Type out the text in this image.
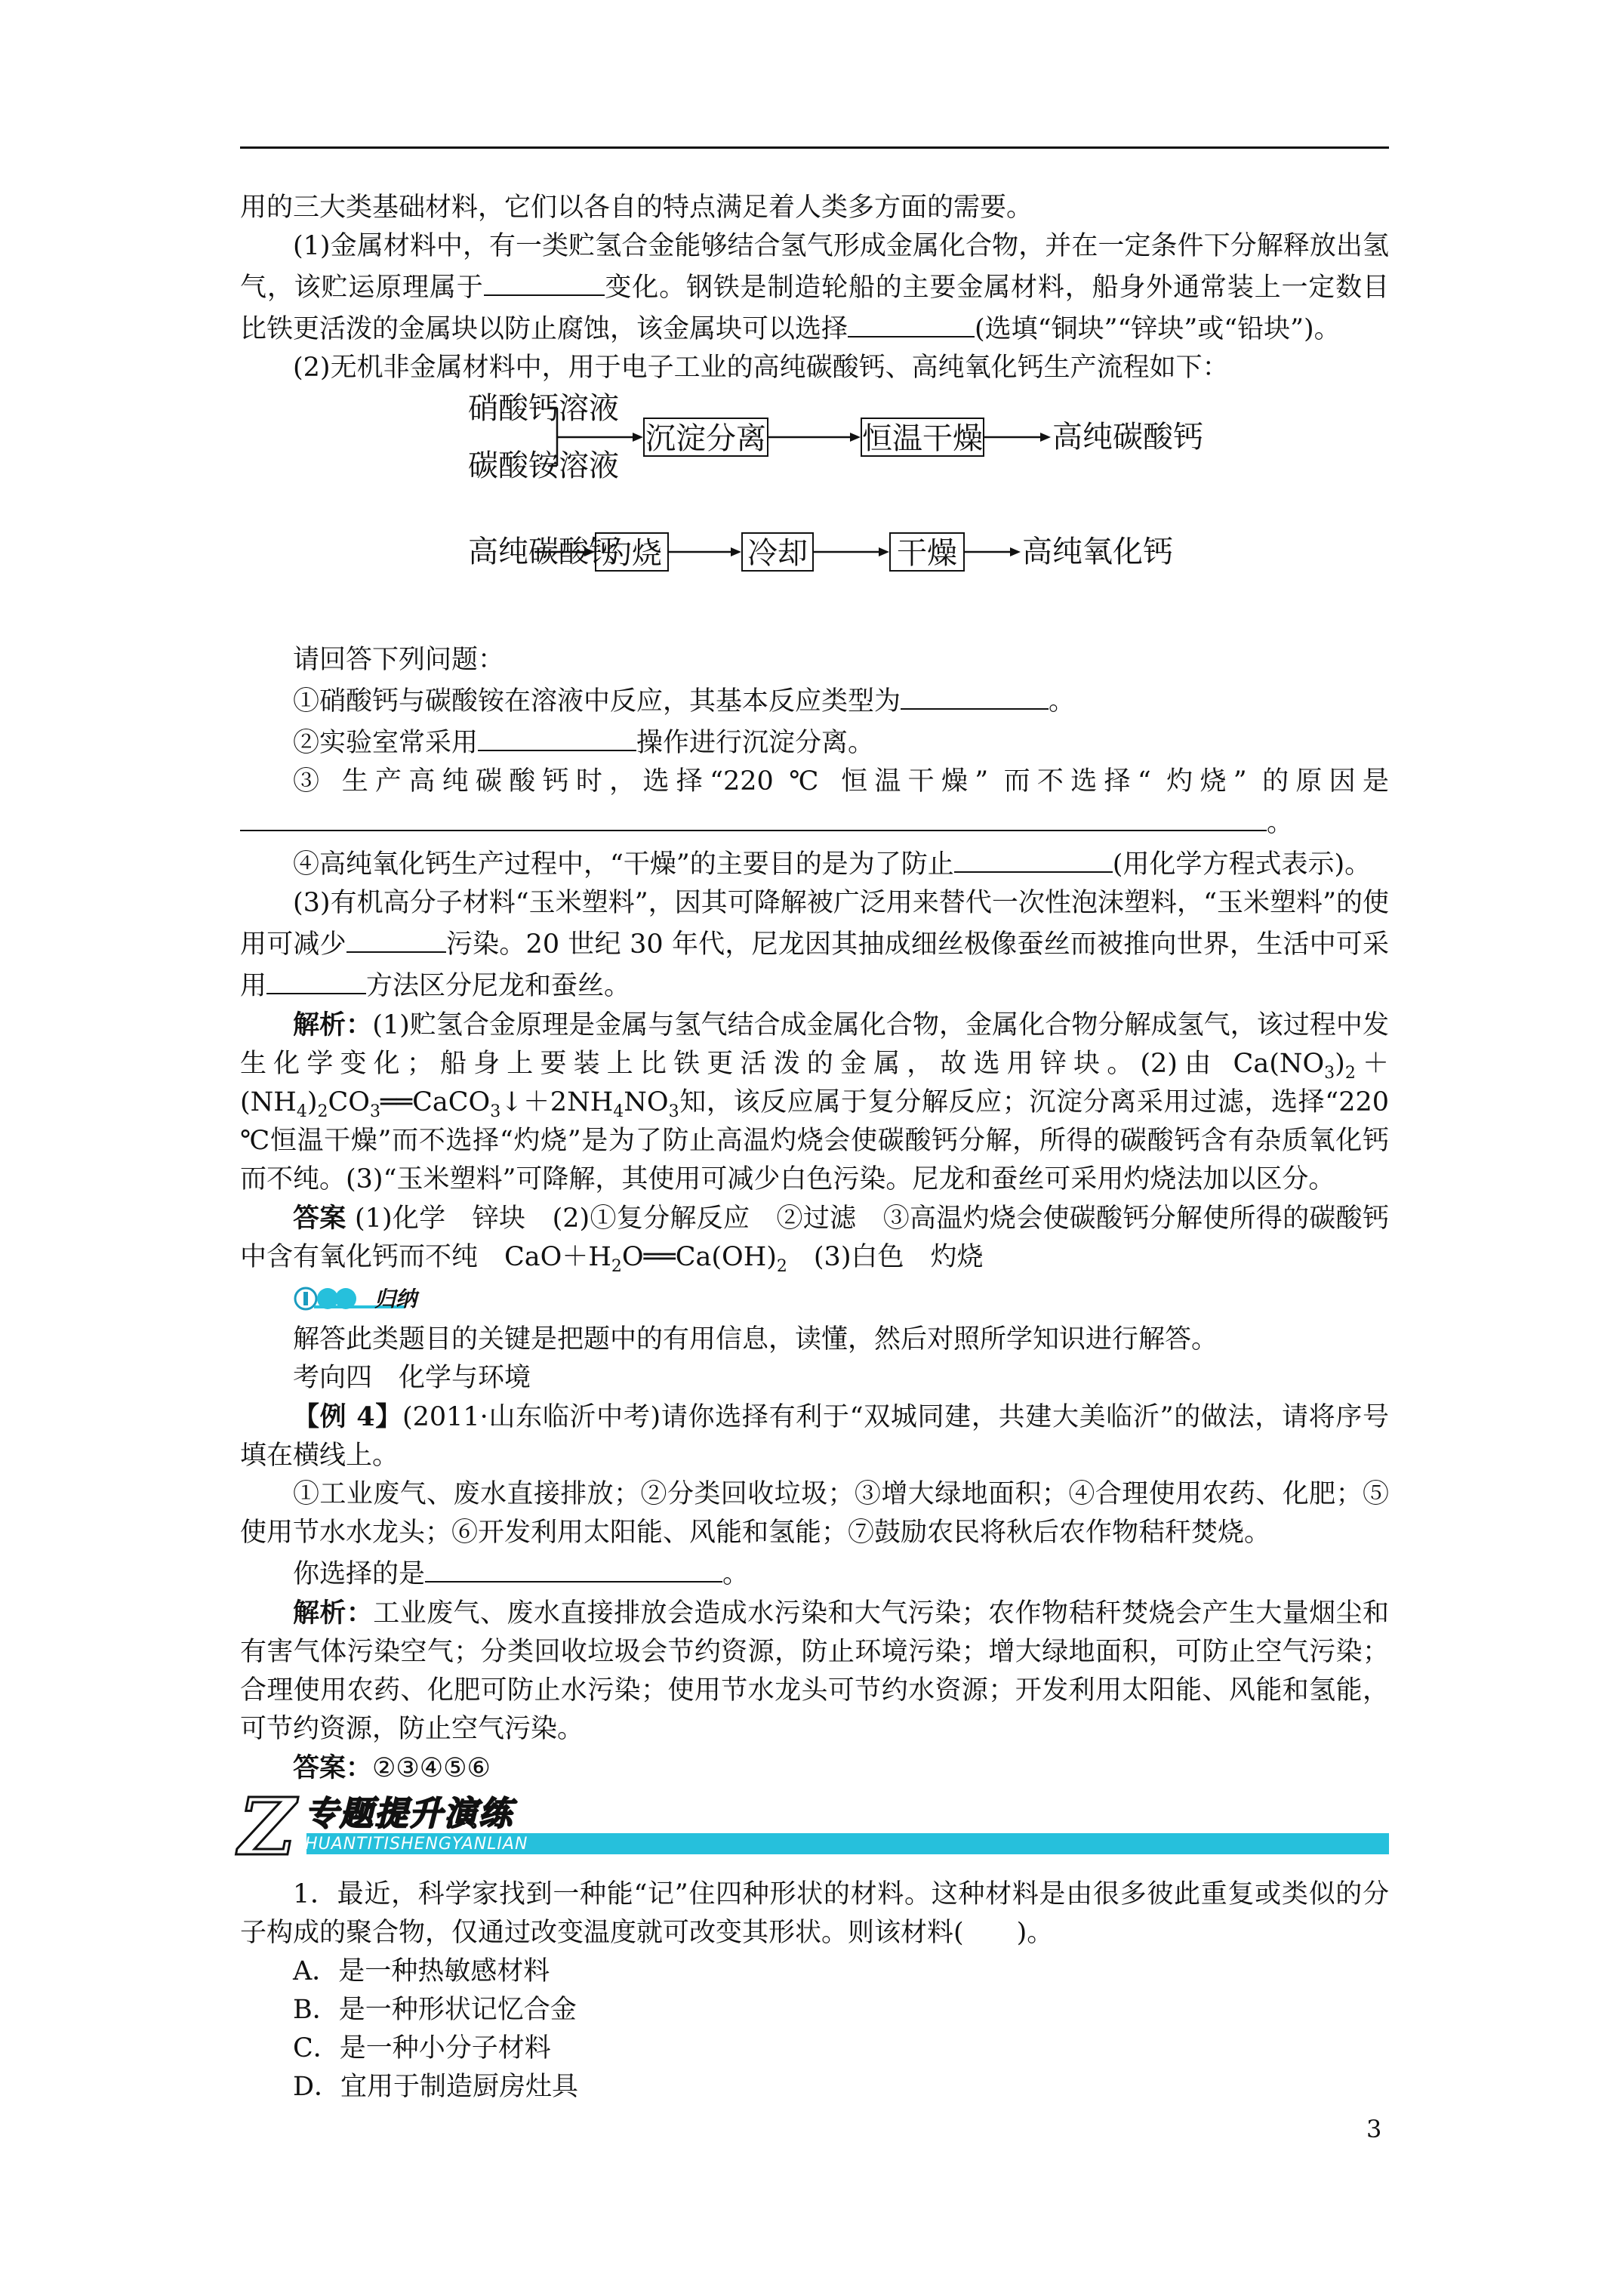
用的三大类基础材料，它们以各自的特点满足着人类多方面的需要。

(1)金属材料中，有一类贮氢合金能够结合氢气形成金属化合物，并在一定条件下分解释放出氢气，该贮运原理属于	变化。钢铁是制造轮船的主要金属材料，船身外通常装上一定数目比铁更活泼的金属块以防止腐蚀，该金属块可以选择	(选填“铜块”“锌块”或“铅块”)。

(2)无机非金属材料中，用于电子工业的高纯碳酸钙、高纯氧化钙生产流程如下：

硝酸钙溶液
碳酸铵溶液
沉淀分离	恒温干燥 高纯碳酸钙
高纯碳酸钙
灼烧	冷却	干燥 高纯氧化钙

请回答下列问题：

①硝酸钙与碳酸铵在溶液中反应，其基本反应类型为	。

②实验室常采用	操作进行沉淀分离。

③ 生产高纯碳酸钙时，选择“220 ℃ 恒温干燥” 而不选择“ 灼烧” 的原因是

。

④高纯氧化钙生产过程中，“干燥”的主要目的是为了防止	(用化学方程式表示)。

(3)有机高分子材料“玉米塑料”，因其可降解被广泛用来替代一次性泡沫塑料，“玉米塑料”的使用可减少	污染。20 世纪 30 年代，尼龙因其抽成细丝极像蚕丝而被推向世界，生活中可采用	方法区分尼龙和蚕丝。

解析：(1)贮氢合金原理是金属与氢气结合成金属化合物，金属化合物分解成氢气，该过程中发生化学变化；船身上要装上比铁更活泼的金属，故选用锌块。(2)由 $Ca(NO_3)_2+(NH_4)_2CO_3══CaCO_3↓+2NH_4NO_3$知，该反应属于复分解反应；沉淀分离采用过滤，选择“220 ℃恒温干燥”而不选择“灼烧”是为了防止高温灼烧会使碳酸钙分解，所得的碳酸钙含有杂质氧化钙而不纯。(3)“玉米塑料”可降解，其使用可减少白色污染。尼龙和蚕丝可采用灼烧法加以区分。

答案 (1)化学　锌块　(2)①复分解反应　②过滤　③高温灼烧会使碳酸钙分解使所得的碳酸钙中含有氧化钙而不纯　$CaO+H_2O══Ca(OH)_2$　(3)白色　灼烧

归纳

解答此类题目的关键是把题中的有用信息，读懂，然后对照所学知识进行解答。

考向四　化学与环境

【例 4】(2011·山东临沂中考)请你选择有利于“双城同建，共建大美临沂”的做法，请将序号填在横线上。

①工业废气、废水直接排放；②分类回收垃圾；③增大绿地面积；④合理使用农药、化肥；⑤使用节水水龙头；⑥开发利用太阳能、风能和氢能；⑦鼓励农民将秋后农作物秸秆焚烧。

你选择的是	。

解析：工业废气、废水直接排放会造成水污染和大气污染；农作物秸秆焚烧会产生大量烟尘和有害气体污染空气；分类回收垃圾会节约资源，防止环境污染；增大绿地面积，可防止空气污染；合理使用农药、化肥可防止水污染；使用节水龙头可节约水资源；开发利用太阳能、风能和氢能，可节约资源，防止空气污染。

答案：②③④⑤⑥

Z 专题提升演练
HUANTITISHENGYANLIAN

1．最近，科学家找到一种能“记”住四种形状的材料。这种材料是由很多彼此重复或类似的分子构成的聚合物，仅通过改变温度就可改变其形状。则该材料(　　)。

A．是一种热敏感材料

B．是一种形状记忆合金

C．是一种小分子材料

D．宜用于制造厨房灶具

3
